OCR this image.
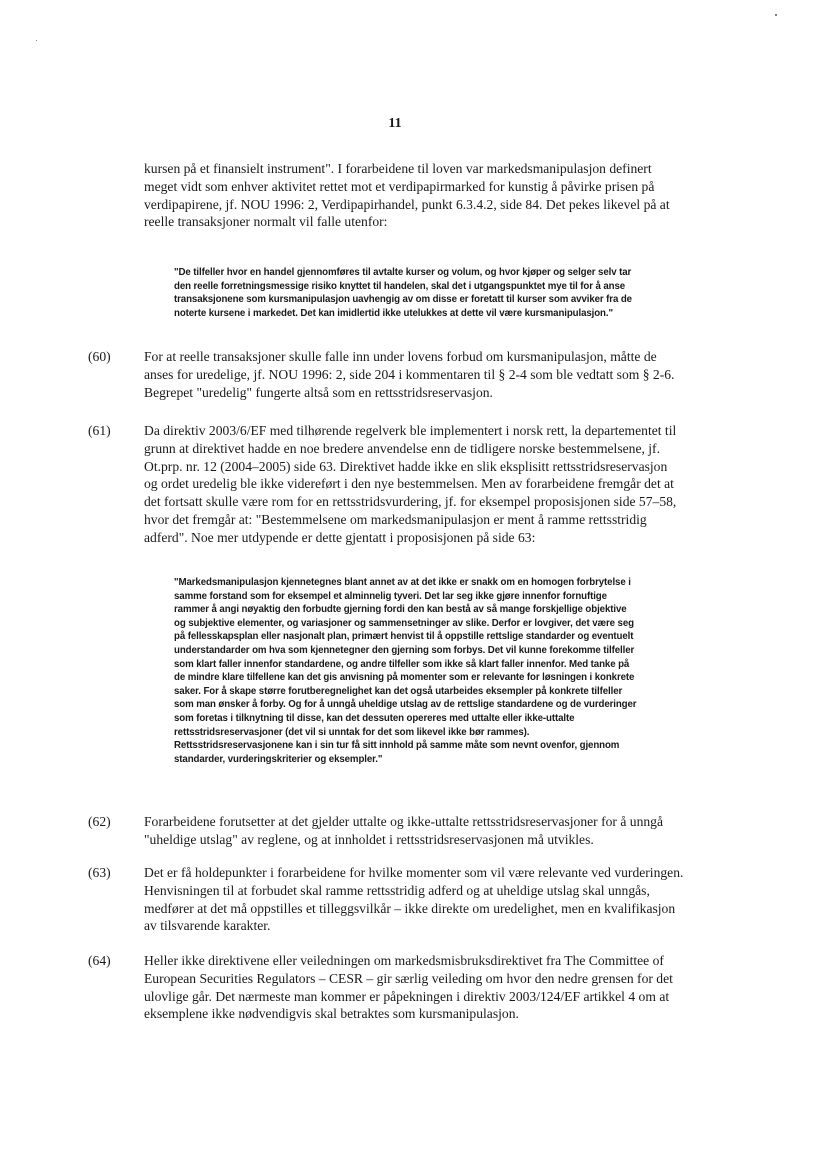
11

kursen på et finansielt instrument". I forarbeidene til loven var markedsmanipulasjon definert meget vidt som enhver aktivitet rettet mot et verdipapirmarked for kunstig å påvirke prisen på verdipapirene, jf. NOU 1996: 2, Verdipapirhandel, punkt 6.3.4.2, side 84. Det pekes likevel på at reelle transaksjoner normalt vil falle utenfor:

"De tilfeller hvor en handel gjennomføres til avtalte kurser og volum, og hvor kjøper og selger selv tar den reelle forretningsmessige risiko knyttet til handelen, skal det i utgangspunktet mye til for å anse transaksjonene som kursmanipulasjon uavhengig av om disse er foretatt til kurser som avviker fra de noterte kursene i markedet. Det kan imidlertid ikke utelukkes at dette vil være kursmanipulasjon."

(60) For at reelle transaksjoner skulle falle inn under lovens forbud om kursmanipulasjon, måtte de anses for uredelige, jf. NOU 1996: 2, side 204 i kommentaren til § 2-4 som ble vedtatt som § 2-6. Begrepet "uredelig" fungerte altså som en rettsstridsreservasjon.

(61) Da direktiv 2003/6/EF med tilhørende regelverk ble implementert i norsk rett, la departementet til grunn at direktivet hadde en noe bredere anvendelse enn de tidligere norske bestemmelsene, jf. Ot.prp. nr. 12 (2004–2005) side 63. Direktivet hadde ikke en slik eksplisitt rettsstridsreservasjon og ordet uredelig ble ikke videreført i den nye bestemmelsen. Men av forarbeidene fremgår det at det fortsatt skulle være rom for en rettsstridsvurdering, jf. for eksempel proposisjonen side 57–58, hvor det fremgår at: "Bestemmelsene om markedsmanipulasjon er ment å ramme rettsstridig adferd". Noe mer utdypende er dette gjentatt i proposisjonen på side 63:

"Markedsmanipulasjon kjennetegnes blant annet av at det ikke er snakk om en homogen forbrytelse i samme forstand som for eksempel et alminnelig tyveri. Det lar seg ikke gjøre innenfor fornuftige rammer å angi nøyaktig den forbudte gjerning fordi den kan bestå av så mange forskjellige objektive og subjektive elementer, og variasjoner og sammensetninger av slike. Derfor er lovgiver, det være seg på fellesskapsplan eller nasjonalt plan, primært henvist til å oppstille rettslige standarder og eventuelt understandarder om hva som kjennetegner den gjerning som forbys. Det vil kunne forekomme tilfeller som klart faller innenfor standardene, og andre tilfeller som ikke så klart faller innenfor. Med tanke på de mindre klare tilfellene kan det gis anvisning på momenter som er relevante for løsningen i konkrete saker. For å skape større forutberegnelighet kan det også utarbeides eksempler på konkrete tilfeller som man ønsker å forby. Og for å unngå uheldige utslag av de rettslige standardene og de vurderinger som foretas i tilknytning til disse, kan det dessuten opereres med uttalte eller ikke-uttalte rettsstridsreservasjoner (det vil si unntak for det som likevel ikke bør rammes). Rettsstridsreservasjonene kan i sin tur få sitt innhold på samme måte som nevnt ovenfor, gjennom standarder, vurderingskriterier og eksempler."

(62) Forarbeidene forutsetter at det gjelder uttalte og ikke-uttalte rettsstridsreservasjoner for å unngå "uheldige utslag" av reglene, og at innholdet i rettsstridsreservasjonen må utvikles.

(63) Det er få holdepunkter i forarbeidene for hvilke momenter som vil være relevante ved vurderingen. Henvisningen til at forbudet skal ramme rettsstridig adferd og at uheldige utslag skal unngås, medfører at det må oppstilles et tilleggsvilkår – ikke direkte om uredelighet, men en kvalifikasjon av tilsvarende karakter.

(64) Heller ikke direktivene eller veiledningen om markedsmisbruksdirektivet fra The Committee of European Securities Regulators – CESR – gir særlig veileding om hvor den nedre grensen for det ulovlige går. Det nærmeste man kommer er påpekningen i direktiv 2003/124/EF artikkel 4 om at eksemplene ikke nødvendigvis skal betraktes som kursmanipulasjon.
